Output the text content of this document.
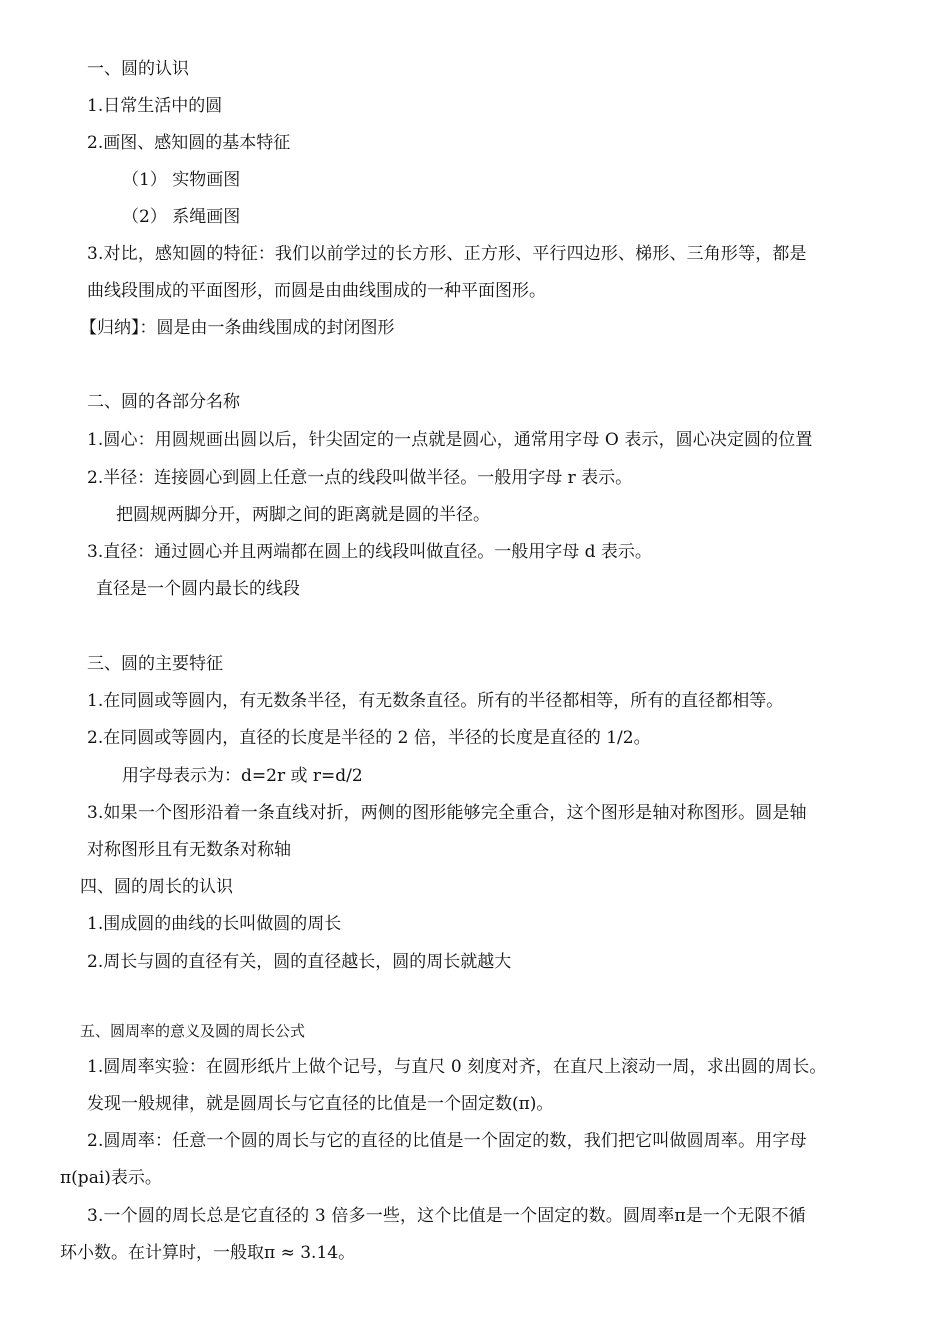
一、圆的认识
1.日常生活中的圆
2.画图、感知圆的基本特征
（1） 实物画图
（2） 系绳画图
3.对比，感知圆的特征：我们以前学过的长方形、正方形、平行四边形、梯形、三角形等，都是
曲线段围成的平面图形，而圆是由曲线围成的一种平面图形。
【归纳】：圆是由一条曲线围成的封闭图形
二、圆的各部分名称
1.圆心：用圆规画出圆以后，针尖固定的一点就是圆心，通常用字母 O 表示，圆心决定圆的位置
2.半径：连接圆心到圆上任意一点的线段叫做半径。一般用字母 r 表示。
把圆规两脚分开，两脚之间的距离就是圆的半径。
3.直径：通过圆心并且两端都在圆上的线段叫做直径。一般用字母 d 表示。
直径是一个圆内最长的线段
三、圆的主要特征
1.在同圆或等圆内，有无数条半径，有无数条直径。所有的半径都相等，所有的直径都相等。
2.在同圆或等圆内，直径的长度是半径的 2 倍，半径的长度是直径的 1/2。
用字母表示为：d=2r 或 r=d/2
3.如果一个图形沿着一条直线对折，两侧的图形能够完全重合，这个图形是轴对称图形。圆是轴
对称图形且有无数条对称轴
四、圆的周长的认识
1.围成圆的曲线的长叫做圆的周长
2.周长与圆的直径有关，圆的直径越长，圆的周长就越大
五、圆周率的意义及圆的周长公式
1.圆周率实验：在圆形纸片上做个记号，与直尺 0 刻度对齐，在直尺上滚动一周，求出圆的周长。
发现一般规律，就是圆周长与它直径的比值是一个固定数(π)。
2.圆周率：任意一个圆的周长与它的直径的比值是一个固定的数，我们把它叫做圆周率。用字母
π(pai)表示。
3.一个圆的周长总是它直径的 3 倍多一些，这个比值是一个固定的数。圆周率π是一个无限不循
环小数。在计算时，一般取π ≈ 3.14。
